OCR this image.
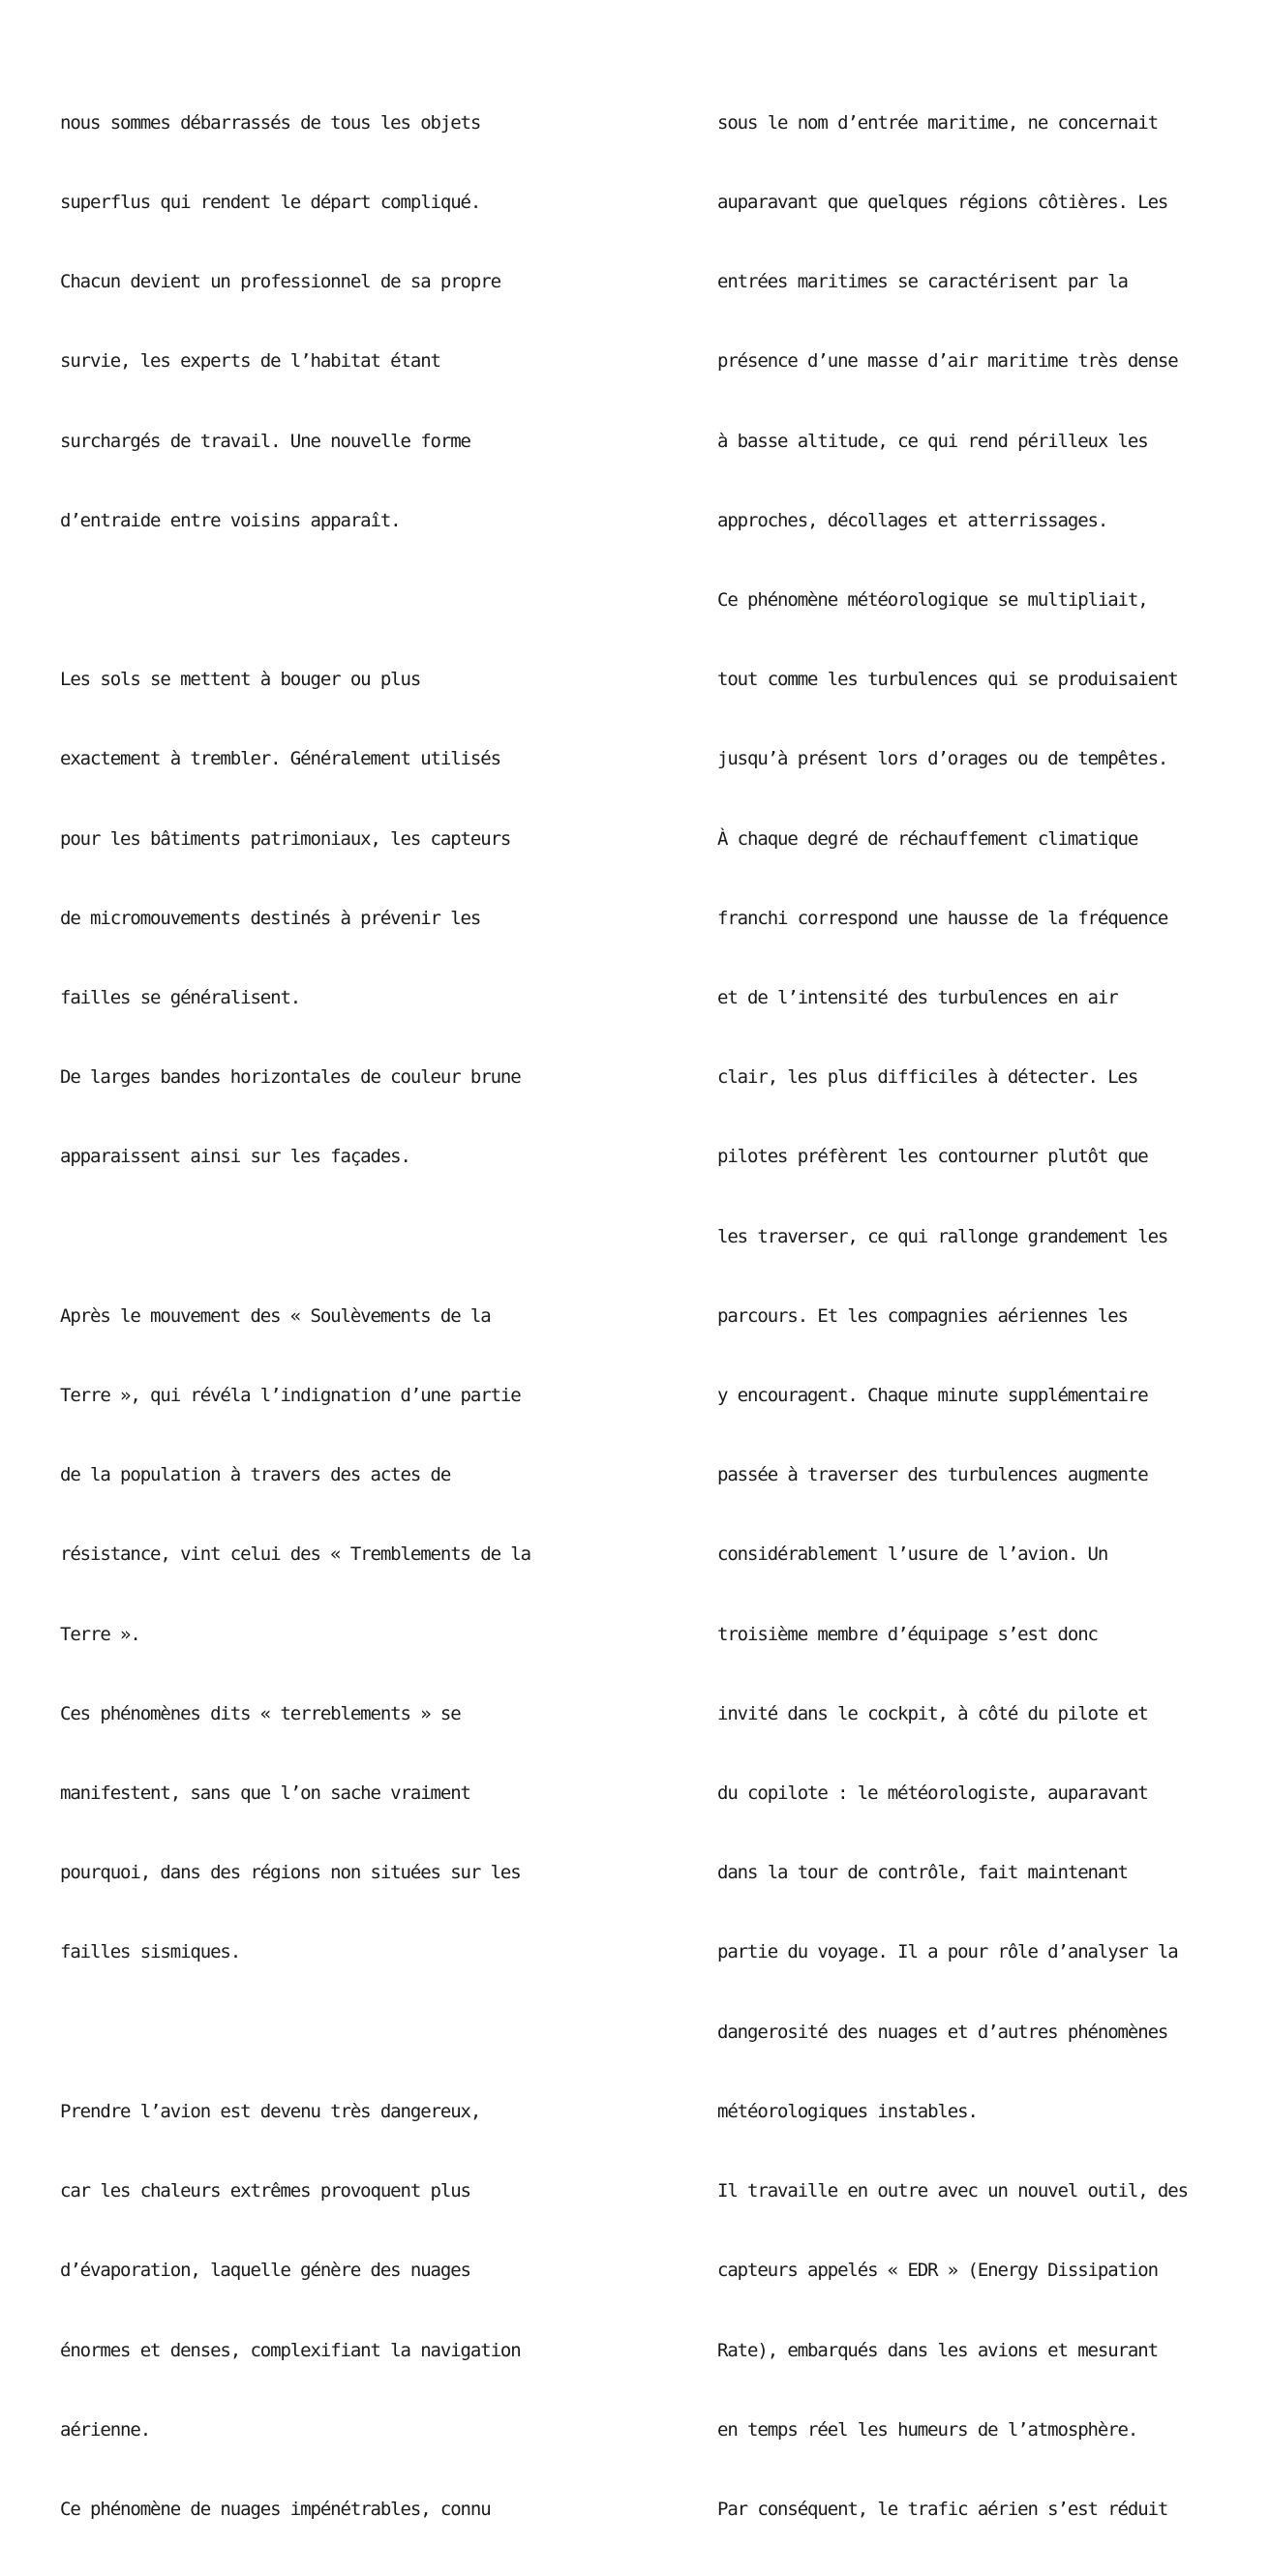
nous sommes débarrassés de tous les objets

superflus qui rendent le départ compliqué.

Chacun devient un professionnel de sa propre

survie, les experts de l’habitat étant

surchargés de travail. Une nouvelle forme

d’entraide entre voisins apparaît.

Les sols se mettent à bouger ou plus

exactement à trembler. Généralement utilisés

pour les bâtiments patrimoniaux, les capteurs

de micromouvements destinés à prévenir les

failles se généralisent.

De larges bandes horizontales de couleur brune

apparaissent ainsi sur les façades.

Après le mouvement des « Soulèvements de la

Terre », qui révéla l’indignation d’une partie

de la population à travers des actes de

résistance, vint celui des « Tremblements de la

Terre ».

Ces phénomènes dits « terreblements » se

manifestent, sans que l’on sache vraiment

pourquoi, dans des régions non situées sur les

failles sismiques.

Prendre l’avion est devenu très dangereux,

car les chaleurs extrêmes provoquent plus

d’évaporation, laquelle génère des nuages

énormes et denses, complexifiant la navigation

aérienne.

Ce phénomène de nuages impénétrables, connu

sous le nom d’entrée maritime, ne concernait

auparavant que quelques régions côtières. Les

entrées maritimes se caractérisent par la

présence d’une masse d’air maritime très dense

à basse altitude, ce qui rend périlleux les

approches, décollages et atterrissages.

Ce phénomène météorologique se multipliait,

tout comme les turbulences qui se produisaient

jusqu’à présent lors d’orages ou de tempêtes.

À chaque degré de réchauffement climatique

franchi correspond une hausse de la fréquence

et de l’intensité des turbulences en air

clair, les plus difficiles à détecter. Les

pilotes préfèrent les contourner plutôt que

les traverser, ce qui rallonge grandement les

parcours. Et les compagnies aériennes les

y encouragent. Chaque minute supplémentaire

passée à traverser des turbulences augmente

considérablement l’usure de l’avion. Un

troisième membre d’équipage s’est donc

invité dans le cockpit, à côté du pilote et

du copilote : le météorologiste, auparavant

dans la tour de contrôle, fait maintenant

partie du voyage. Il a pour rôle d’analyser la

dangerosité des nuages et d’autres phénomènes

météorologiques instables.

Il travaille en outre avec un nouvel outil, des

capteurs appelés « EDR » (Energy Dissipation

Rate), embarqués dans les avions et mesurant

en temps réel les humeurs de l’atmosphère.

Par conséquent, le trafic aérien s’est réduit
